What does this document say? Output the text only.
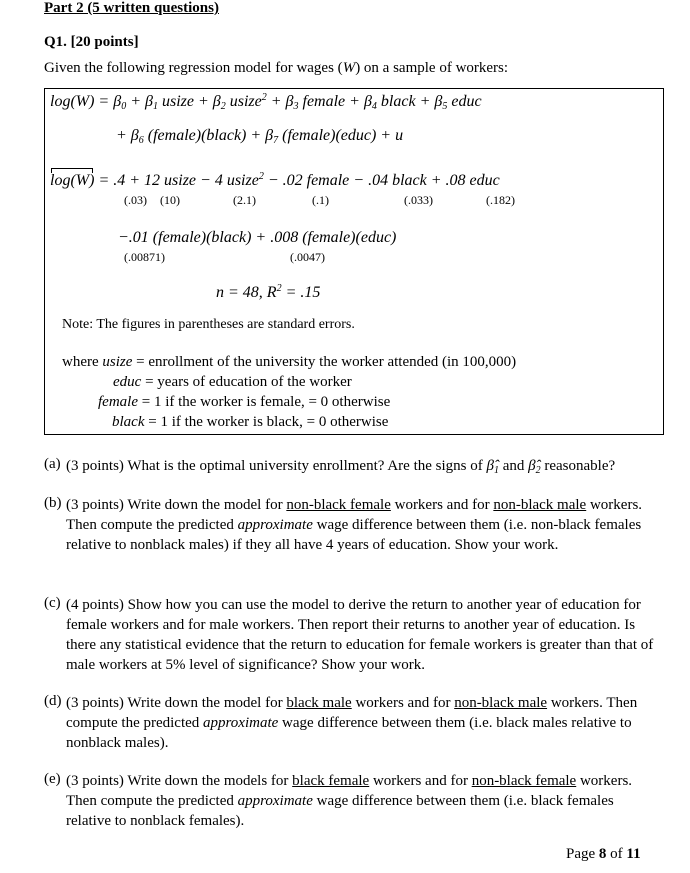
Part 2 (5 written questions)
Q1. [20 points]
Given the following regression model for wages (W) on a sample of workers:
$\log(W) = \beta_0 + \beta_1$ usize + $\beta_2$ usize$^2$ + $\beta_3$ female + $\beta_4$ black + $\beta_5$ educ
+ $\beta_6$ (female)(black) + $\beta_7$ (female)(educ) + u
log(W) = .4 + 12 usize − 4 usize$^2$ − .02 female − .04 black + .08 educ
(.03) (10)	(2.1)	(.1)	(.033)	(.182)
−.01 (female)(black) + .008 (female)(educ)
(.00871)	(.0047)
n = 48, $R^2 = .15$
Note: The figures in parentheses are standard errors.
where usize = enrollment of the university the worker attended (in 100,000)
educ = years of education of the worker
female = 1 if the worker is female, = 0 otherwise
black = 1 if the worker is black, = 0 otherwise
(a) (3 points) What is the optimal university enrollment? Are the signs of $\betâ_1$ and $\betâ_2$ reasonable?
(b) (3 points) Write down the model for non-black female workers and for non-black male workers. Then compute the predicted approximate wage difference between them (i.e. non-black females relative to nonblack males) if they all have 4 years of education. Show your work.
(c) (4 points) Show how you can use the model to derive the return to another year of education for female workers and for male workers. Then report their returns to another year of education. Is there any statistical evidence that the return to education for female workers is greater than that of male workers at 5% level of significance? Show your work.
(d) (3 points) Write down the model for black male workers and for non-black male workers. Then compute the predicted approximate wage difference between them (i.e. black males relative to nonblack males).
(e) (3 points) Write down the models for black female workers and for non-black female workers. Then compute the predicted approximate wage difference between them (i.e. black females relative to nonblack females).
Page 8 of 11
